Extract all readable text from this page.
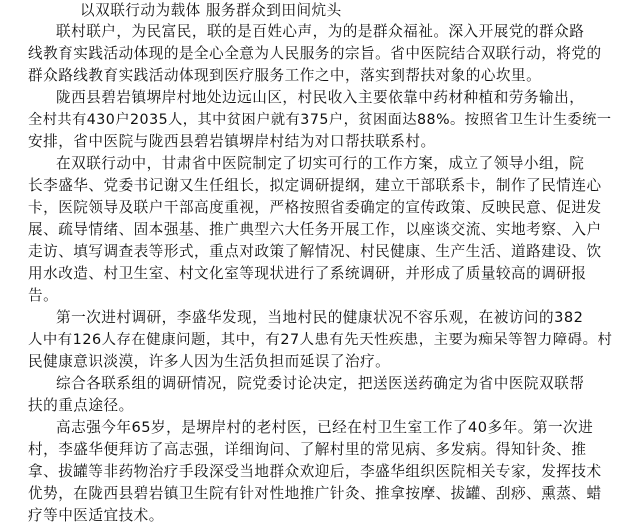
以双联行动为载体 服务群众到田间炕头
联村联户，为民富民，联的是百姓心声，为的是群众福祉。深入开展党的群众路
线教育实践活动体现的是全心全意为人民服务的宗旨。省中医院结合双联行动，将党的
群众路线教育实践活动体现到医疗服务工作之中，落实到帮扶对象的心坎里。
陇西县碧岩镇堺岸村地处边远山区，村民收入主要依靠中药材种植和劳务输出，
全村共有430户2035人，其中贫困户就有375户，贫困面达88%。按照省卫生计生委统一
安排，省中医院与陇西县碧岩镇堺岸村结为对口帮扶联系村。
在双联行动中，甘肃省中医院制定了切实可行的工作方案，成立了领导小组，院
长李盛华、党委书记谢又生任组长，拟定调研提纲，建立干部联系卡，制作了民情连心
卡，医院领导及联户干部高度重视，严格按照省委确定的宣传政策、反映民意、促进发
展、疏导情绪、固本强基、推广典型六大任务开展工作，以座谈交流、实地考察、入户
走访、填写调查表等形式，重点对政策了解情况、村民健康、生产生活、道路建设、饮
用水改造、村卫生室、村文化室等现状进行了系统调研，并形成了质量较高的调研报
告。
第一次进村调研，李盛华发现，当地村民的健康状况不容乐观，在被访问的382
人中有126人存在健康问题，其中，有27人患有先天性疾患，主要为痴呆等智力障碍。村
民健康意识淡漠，许多人因为生活负担而延误了治疗。
综合各联系组的调研情况，院党委讨论决定，把送医送药确定为省中医院双联帮
扶的重点途径。
高志强今年65岁，是堺岸村的老村医，已经在村卫生室工作了40多年。第一次进
村，李盛华便拜访了高志强，详细询问、了解村里的常见病、多发病。得知针灸、推
拿、拔罐等非药物治疗手段深受当地群众欢迎后，李盛华组织医院相关专家，发挥技术
优势，在陇西县碧岩镇卫生院有针对性地推广针灸、推拿按摩、拔罐、刮痧、熏蒸、蜡
疗等中医适宜技术。
